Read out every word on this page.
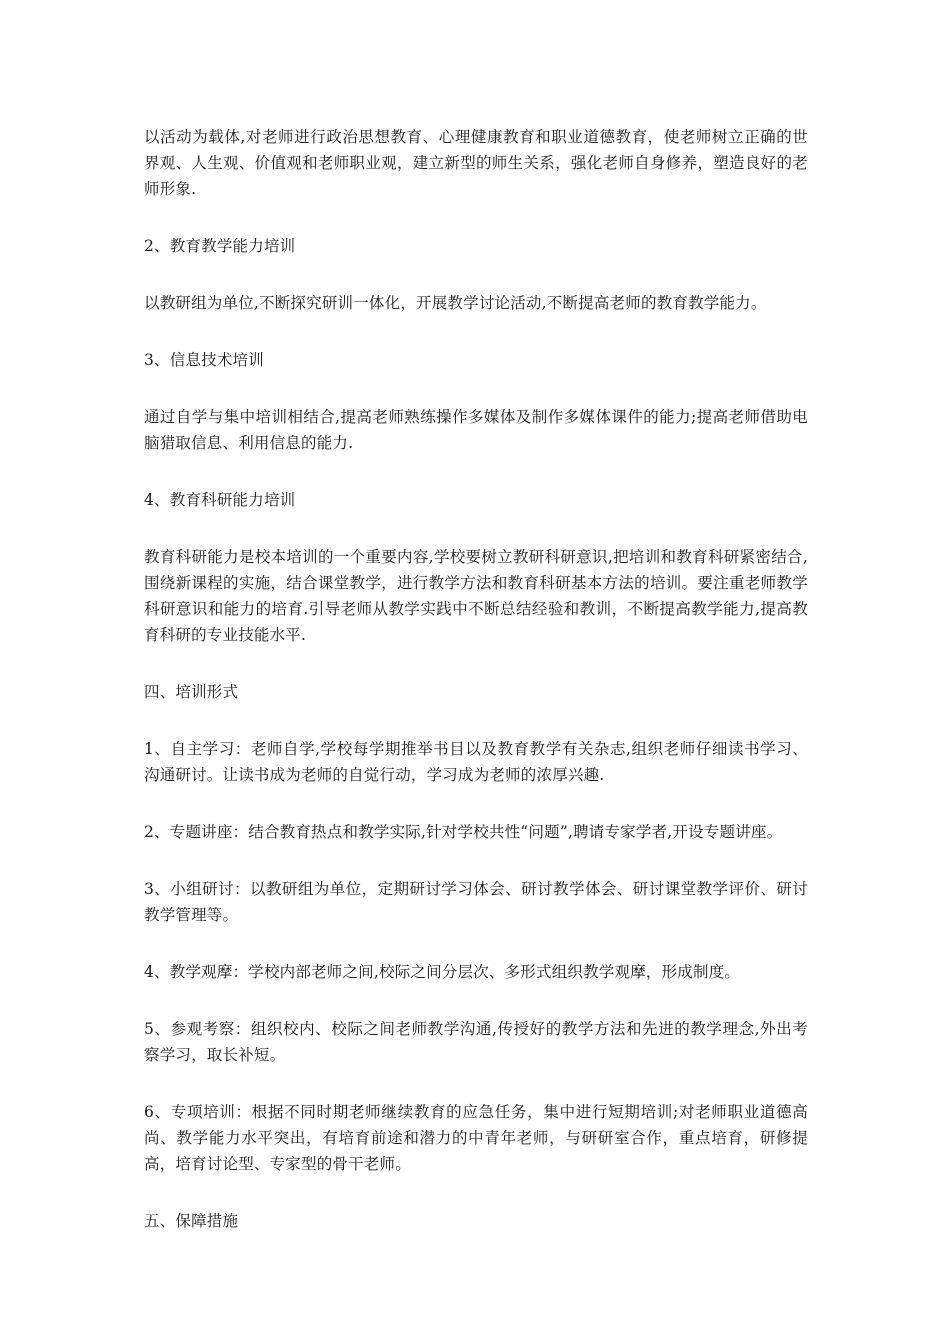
以活动为载体,对老师进行政治思想教育、心理健康教育和职业道德教育，使老师树立正确的世界观、人生观、价值观和老师职业观，建立新型的师生关系，强化老师自身修养，塑造良好的老师形象.

2、教育教学能力培训

以教研组为单位,不断探究研训一体化，开展教学讨论活动,不断提高老师的教育教学能力。

3、信息技术培训

通过自学与集中培训相结合,提高老师熟练操作多媒体及制作多媒体课件的能力;提高老师借助电脑猎取信息、利用信息的能力.

4、教育科研能力培训

教育科研能力是校本培训的一个重要内容,学校要树立教研科研意识,把培训和教育科研紧密结合,围绕新课程的实施，结合课堂教学，进行教学方法和教育科研基本方法的培训。要注重老师教学科研意识和能力的培育.引导老师从教学实践中不断总结经验和教训，不断提高教学能力,提高教育科研的专业技能水平.

四、培训形式

1、自主学习：老师自学,学校每学期推举书目以及教育教学有关杂志,组织老师仔细读书学习、沟通研讨。让读书成为老师的自觉行动，学习成为老师的浓厚兴趣.

2、专题讲座：结合教育热点和教学实际,针对学校共性“问题”,聘请专家学者,开设专题讲座。

3、小组研讨：以教研组为单位，定期研讨学习体会、研讨教学体会、研讨课堂教学评价、研讨教学管理等。

4、教学观摩：学校内部老师之间,校际之间分层次、多形式组织教学观摩，形成制度。

5、参观考察：组织校内、校际之间老师教学沟通,传授好的教学方法和先进的教学理念,外出考察学习，取长补短。

6、专项培训：根据不同时期老师继续教育的应急任务，集中进行短期培训;对老师职业道德高尚、教学能力水平突出，有培育前途和潜力的中青年老师，与研研室合作，重点培育，研修提高，培育讨论型、专家型的骨干老师。

五、保障措施
